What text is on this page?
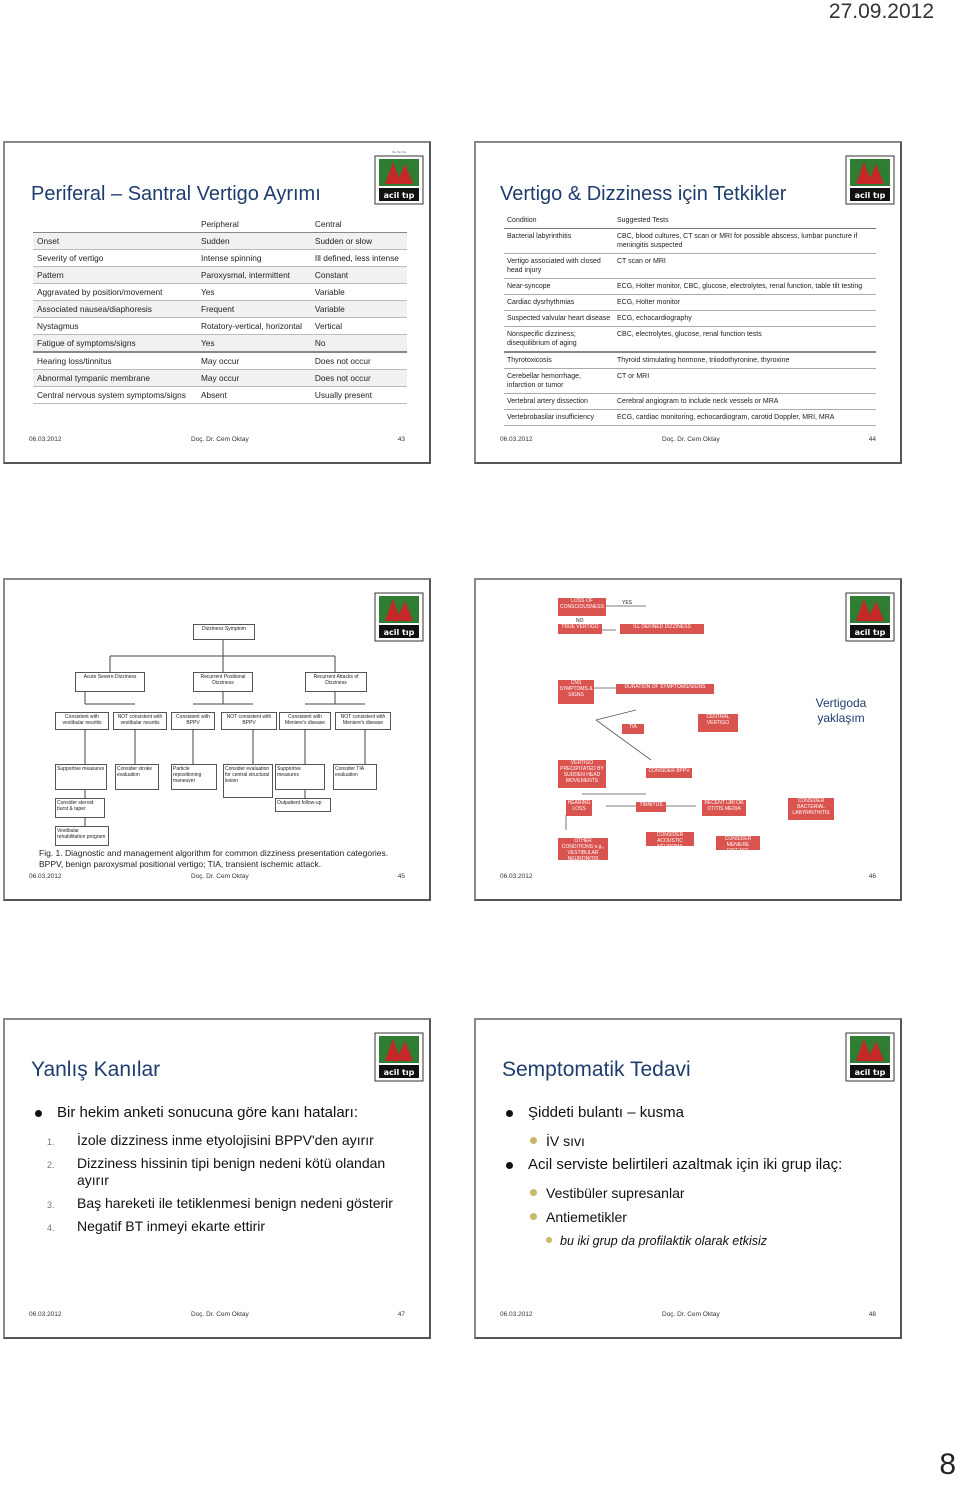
27.09.2012
acil tıp
~~~
Periferal – Santral Vertigo Ayrımı
	Peripheral	Central
Onset	Sudden	Sudden or slow
Severity of vertigo	Intense spinning	Ill defined, less intense
Pattern	Paroxysmal, intermittent	Constant
Aggravated by position/movement	Yes	Variable
Associated nausea/diaphoresis	Frequent	Variable
Nystagmus	Rotatory-vertical, horizontal	Vertical
Fatigue of symptoms/signs	Yes	No
Hearing loss/tinnitus	May occur	Does not occur
Abnormal tympanic membrane	May occur	Does not occur
Central nervous system symptoms/signs	Absent	Usually present
06.03.2012	Doç. Dr. Cem Oktay	43
acil tıp
Vertigo & Dizziness için Tetkikler
Condition	Suggested Tests
Bacterial labyrinthitis	CBC, blood cultures, CT scan or MRI for possible abscess, lumbar puncture if meningitis suspected
Vertigo associated with closed head injury	CT scan or MRI
Near-syncope	ECG, Holter monitor, CBC, glucose, electrolytes, renal function, table tilt testing
Cardiac dysrhythmias	ECG, Holter monitor
Suspected valvular heart disease	ECG, echocardiography
Nonspecific dizziness; disequilibrium of aging	CBC, electrolytes, glucose, renal function tests
Thyrotoxicosis	Thyroid stimulating hormone, triiodothyronine, thyroxine
Cerebellar hemorrhage, infarction or tumor	CT or MRI
Vertebral artery dissection	Cerebral angiogram to include neck vessels or MRA
Vertebrobasilar insufficiency	ECG, cardiac monitoring, echocardiogram, carotid Doppler, MRI, MRA
06.03.2012	Doç. Dr. Cem Oktay	44
acil tıp
Dizziness Symptom
Acute Severe Dizziness	Recurrent Positional Dizziness
Recurrent Attacks of Dizziness
Consistent with vestibular neuritis
NOT consistent with vestibular neuritis
Consistent with BPPV
NOT consistent with BPPV
Consistent with Meniere's disease
NOT consistent with Meniere's disease
Supportive measures	Consider stroke evaluation
Particle repositioning maneuver
Consider evaluation for central structural lesion
Supportive measures
Consider TIA evaluation
Consider steroid burst & taper
Outpatient follow-up
Vestibular rehabilitation program
Fig. 1. Diagnostic and management algorithm for common dizziness presentation categories. BPPV, benign paroxysmal positional vertigo; TIA, transient ischemic attack.
06.03.2012	Doç. Dr. Cem Oktay	45
acil tıp
LOSS OF CONSCIOUSNESS
TRUE VERTIGO	ILL DEFINED DIZZINESS
CNS SYMPTOMS & SIGNS
DURATION OF SYMPTOMS/SIGNS
TIA
CENTRAL VERTIGO
VERTIGO PRECIPITATED BY SUDDEN HEAD MOVEMENTS
CONSIDER BPPV
HEARING LOSS
TINNITUS	RECENT URI OR OTITIS MEDIA
CONSIDER BACTERIAL LABYRINTHITIS
CONSIDER ACOUSTIC NEUROMA
CONSIDER MENIERE DISEASE
OTHER CONDITIONS e.g., VESTIBULAR NEURONITIS
YES
NO
Vertigoda yaklaşım
06.03.2012	46
acil tıp
Yanlış Kanılar
Bir hekim anketi sonucuna göre kanı hataları:
1. İzole dizziness inme etyolojisini BPPV'den ayırır
2. Dizziness hissinin tipi benign nedeni kötü olandan ayırır
3. Baş hareketi ile tetiklenmesi benign nedeni gösterir
4. Negatif BT inmeyi ekarte ettirir
06.03.2012	Doç. Dr. Cem Oktay	47
acil tıp
Semptomatik Tedavi
Şiddeti bulantı – kusma
İV sıvı
Acil serviste belirtileri azaltmak için iki grup ilaç:
Vestibüler supresanlar
Antiemetikler
bu iki grup da profilaktik olarak etkisiz
06.03.2012	Doç. Dr. Cem Oktay	48
8
